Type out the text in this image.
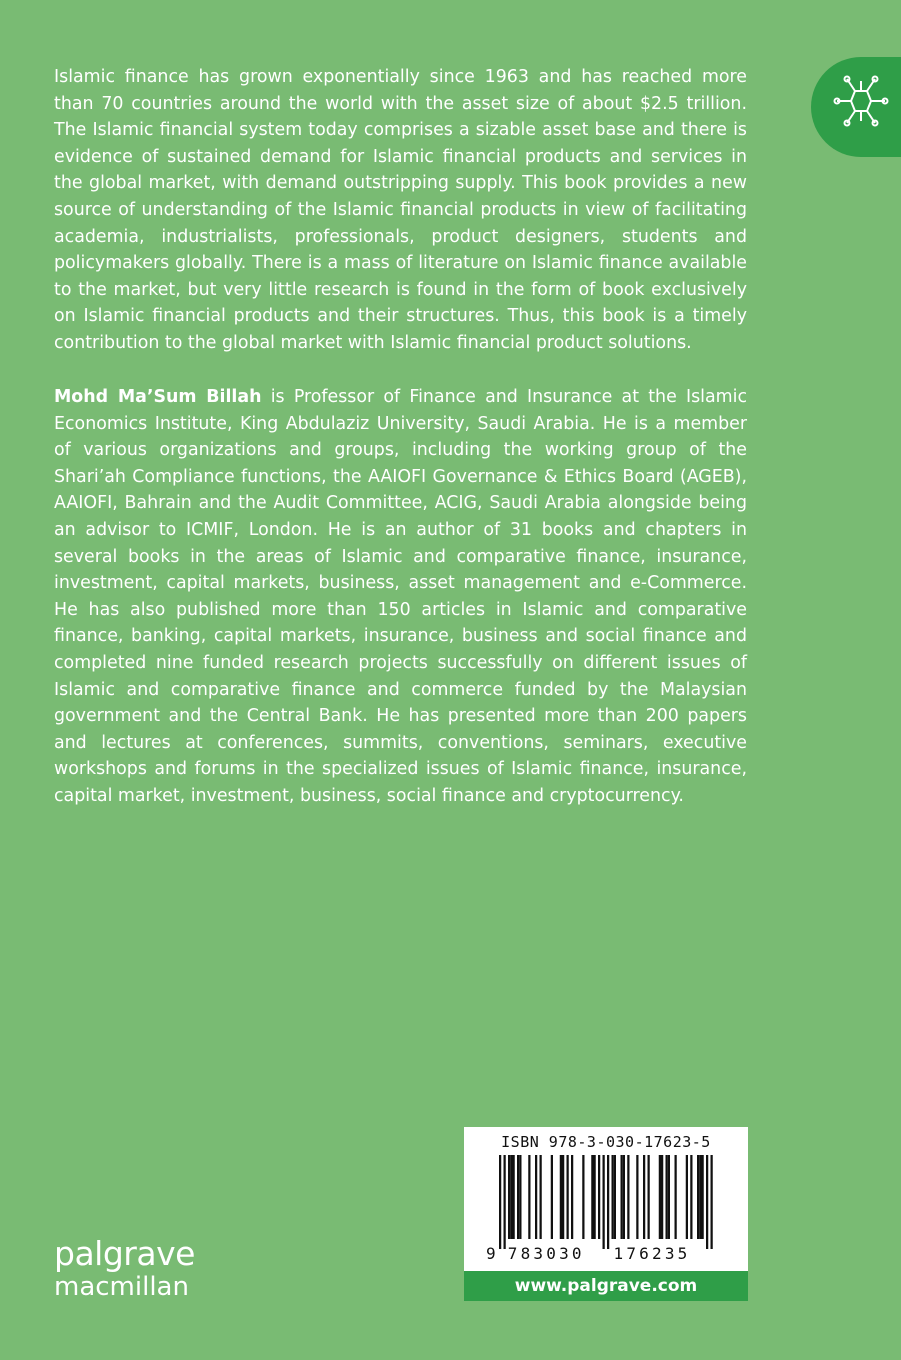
Islamic finance has grown exponentially since 1963 and has reached more than 70 countries around the world with the asset size of about $2.5 trillion. The Islamic financial system today comprises a sizable asset base and there is evidence of sustained demand for Islamic financial products and services in the global market, with demand outstripping supply. This book provides a new source of understanding of the Islamic financial products in view of facilitating academia, industrialists, professionals, product designers, students and policymakers globally. There is a mass of literature on Islamic finance available to the market, but very little research is found in the form of book exclusively on Islamic financial products and their structures. Thus, this book is a timely contribution to the global market with Islamic financial product solutions.

Mohd Ma’Sum Billah is Professor of Finance and Insurance at the Islamic Economics Institute, King Abdulaziz University, Saudi Arabia. He is a member of various organizations and groups, including the working group of the Shari’ah Compliance functions, the AAIOFI Governance & Ethics Board (AGEB), AAIOFI, Bahrain and the Audit Committee, ACIG, Saudi Arabia alongside being an advisor to ICMIF, London. He is an author of 31 books and chapters in several books in the areas of Islamic and comparative finance, insurance, investment, capital markets, business, asset management and e-Commerce. He has also published more than 150 articles in Islamic and comparative finance, banking, capital markets, insurance, business and social finance and completed nine funded research projects successfully on different issues of Islamic and comparative finance and commerce funded by the Malaysian government and the Central Bank. He has presented more than 200 papers and lectures at conferences, summits, conventions, seminars, executive workshops and forums in the specialized issues of Islamic finance, insurance, capital market, investment, business, social finance and cryptocurrency.

palgrave
macmillan
ISBN 978-3-030-17623-5
9 783030 176235
www.palgrave.com
